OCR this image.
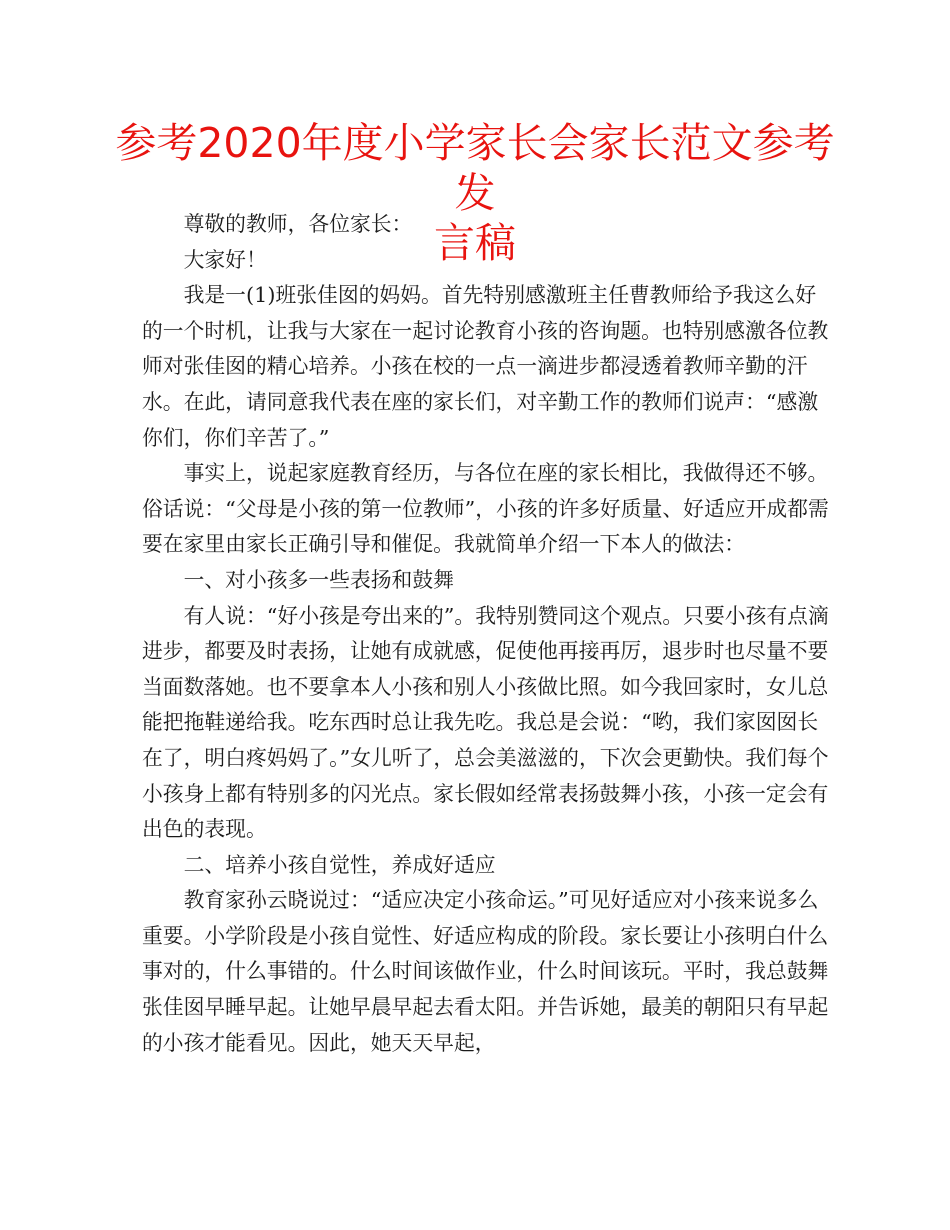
参考2020年度小学家长会家长范文参考发
言稿

尊敬的教师，各位家长：

大家好！

我是一(1)班张佳囡的妈妈。首先特别感激班主任曹教师给予我这么好的一个时机，让我与大家在一起讨论教育小孩的咨询题。也特别感激各位教师对张佳囡的精心培养。小孩在校的一点一滴进步都浸透着教师辛勤的汗水。在此，请同意我代表在座的家长们，对辛勤工作的教师们说声：“感激你们，你们辛苦了。”

事实上，说起家庭教育经历，与各位在座的家长相比，我做得还不够。俗话说：“父母是小孩的第一位教师”，小孩的许多好质量、好适应开成都需要在家里由家长正确引导和催促。我就简单介绍一下本人的做法：

一、对小孩多一些表扬和鼓舞

有人说：“好小孩是夸出来的”。我特别赞同这个观点。只要小孩有点滴进步，都要及时表扬，让她有成就感，促使他再接再厉，退步时也尽量不要当面数落她。也不要拿本人小孩和别人小孩做比照。如今我回家时，女儿总能把拖鞋递给我。吃东西时总让我先吃。我总是会说：“哟，我们家囡囡长在了，明白疼妈妈了。”女儿听了，总会美滋滋的，下次会更勤快。我们每个小孩身上都有特别多的闪光点。家长假如经常表扬鼓舞小孩，小孩一定会有出色的表现。

二、培养小孩自觉性，养成好适应

教育家孙云晓说过：“适应决定小孩命运。”可见好适应对小孩来说多么重要。小学阶段是小孩自觉性、好适应构成的阶段。家长要让小孩明白什么事对的，什么事错的。什么时间该做作业，什么时间该玩。平时，我总鼓舞张佳囡早睡早起。让她早晨早起去看太阳。并告诉她，最美的朝阳只有早起的小孩才能看见。因此，她天天早起，
